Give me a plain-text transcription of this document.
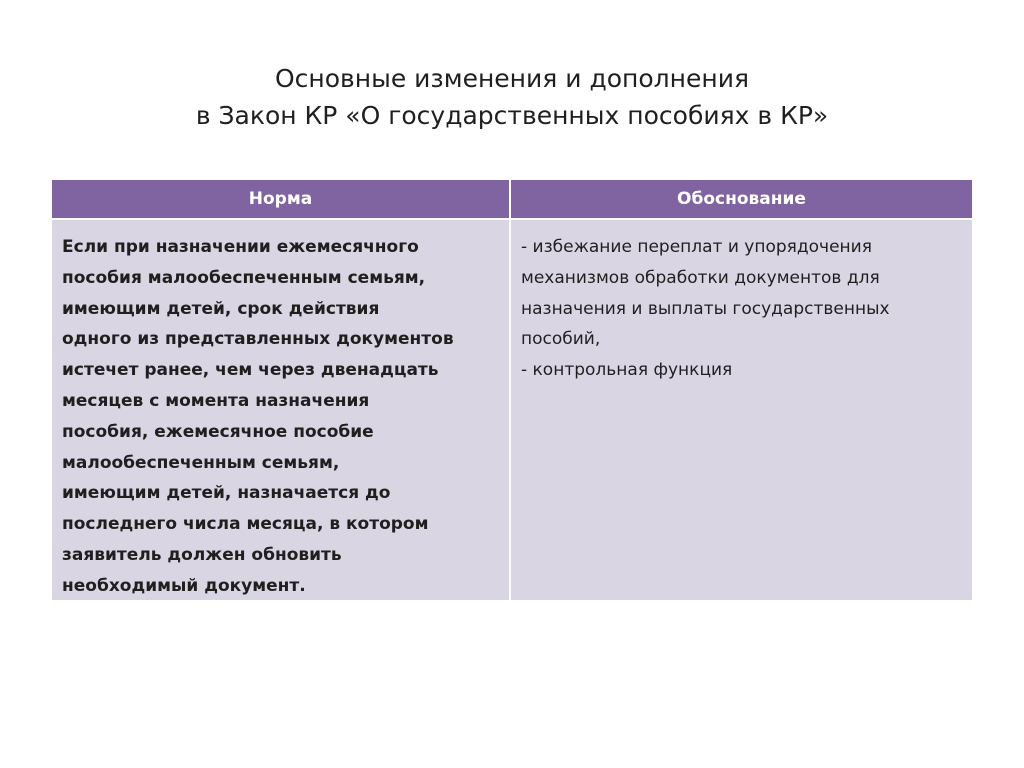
Основные изменения и дополнения
в Закон КР «О государственных пособиях в КР»
Норма	Обоснование
Если при назначении ежемесячного
пособия малообеспеченным семьям,
имеющим детей, срок действия
одного из представленных документов
истечет ранее, чем через двенадцать
месяцев с момента назначения
пособия, ежемесячное пособие
малообеспеченным семьям,
имеющим детей, назначается до
последнего числа месяца, в котором
заявитель должен обновить
необходимый документ.
- избежание переплат и упорядочения
механизмов обработки документов для
назначения и выплаты государственных
пособий,
- контрольная функция
